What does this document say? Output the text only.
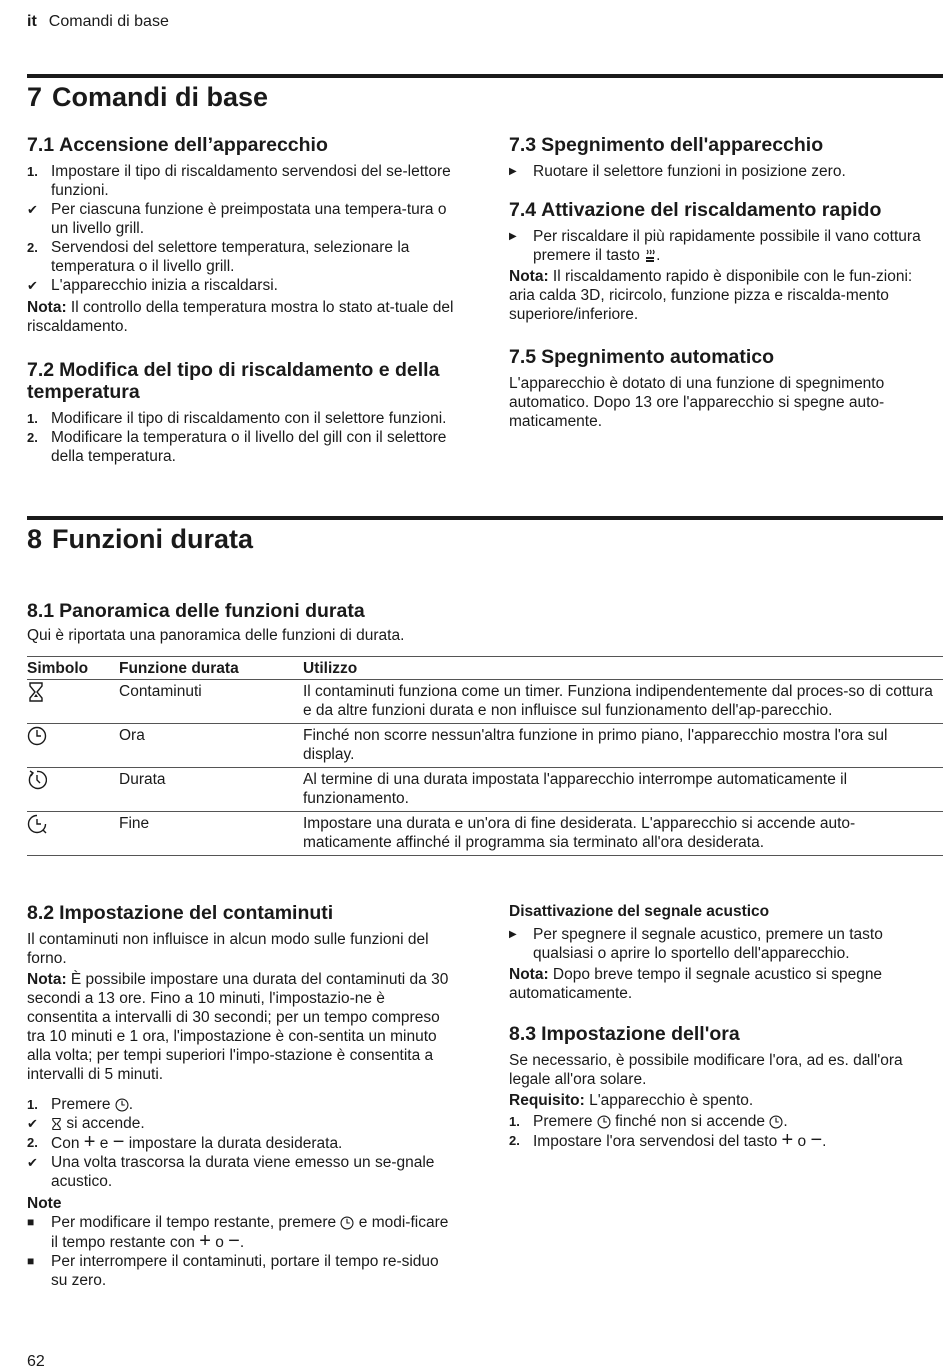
it Comandi di base
7 Comandi di base
7.1 Accensione dell’apparecchio
1. Impostare il tipo di riscaldamento servendosi del se-lettore funzioni.
✔ Per ciascuna funzione è preimpostata una tempera-tura o un livello grill.
2. Servendosi del selettore temperatura, selezionare la temperatura o il livello grill.
✔ L'apparecchio inizia a riscaldarsi.

Nota: Il controllo della temperatura mostra lo stato at-tuale del riscaldamento.

7.2 Modifica del tipo di riscaldamento e della temperatura
1. Modificare il tipo di riscaldamento con il selettore funzioni.
2. Modificare la temperatura o il livello del gill con il selettore della temperatura.
7.3 Spegnimento dell'apparecchio
▶	Ruotare il selettore funzioni in posizione zero.
7.4 Attivazione del riscaldamento rapido
▶	Per riscaldare il più rapidamente possibile il vano cottura premere il tasto .

Nota: Il riscaldamento rapido è disponibile con le fun-zioni: aria calda 3D, ricircolo, funzione pizza e riscalda-mento superiore/inferiore.

7.5 Spegnimento automatico

L'apparecchio è dotato di una funzione di spegnimento automatico. Dopo 13 ore l'apparecchio si spegne auto-maticamente.

8 Funzioni durata
8.1 Panoramica delle funzioni durata

Qui è riportata una panoramica delle funzioni di durata.

Simbolo	Funzione durata	Utilizzo
	Contaminuti	Il contaminuti funziona come un timer. Funziona indipendentemente dal proces-so di cottura e da altre funzioni durata e non influisce sul funzionamento dell'ap-parecchio.
	Ora	Finché non scorre nessun'altra funzione in primo piano, l'apparecchio mostra l'ora sul display.
	Durata	Al termine di una durata impostata l'apparecchio interrompe automaticamente il funzionamento.
	Fine	Impostare una durata e un'ora di fine desiderata. L'apparecchio si accende auto-maticamente affinché il programma sia terminato all'ora desiderata.
8.2 Impostazione del contaminuti

Il contaminuti non influisce in alcun modo sulle funzioni del forno.

Nota: È possibile impostare una durata del contaminuti da 30 secondi a 13 ore. Fino a 10 minuti, l'impostazio-ne è consentita a intervalli di 30 secondi; per un tempo compreso tra 10 minuti e 1 ora, l'impostazione è con-sentita un minuto alla volta; per tempi superiori l'impo-stazione è consentita a intervalli di 5 minuti.

1. Premere .
✔	si accende.
2. Con + e − impostare la durata desiderata.
✔ Una volta trascorsa la durata viene emesso un se-gnale acustico.
Note
■	Per modificare il tempo restante, premere e modi-ficare il tempo restante con + o −.
■	Per interrompere il contaminuti, portare il tempo re-siduo su zero.
Disattivazione del segnale acustico
▶	Per spegnere il segnale acustico, premere un tasto qualsiasi o aprire lo sportello dell'apparecchio.

Nota: Dopo breve tempo il segnale acustico si spegne automaticamente.

8.3 Impostazione dell'ora

Se necessario, è possibile modificare l'ora, ad es. dall'ora legale all'ora solare.

Requisito: L'apparecchio è spento.

1. Premere finché non si accende .
2. Impostare l'ora servendosi del tasto + o −.
62
